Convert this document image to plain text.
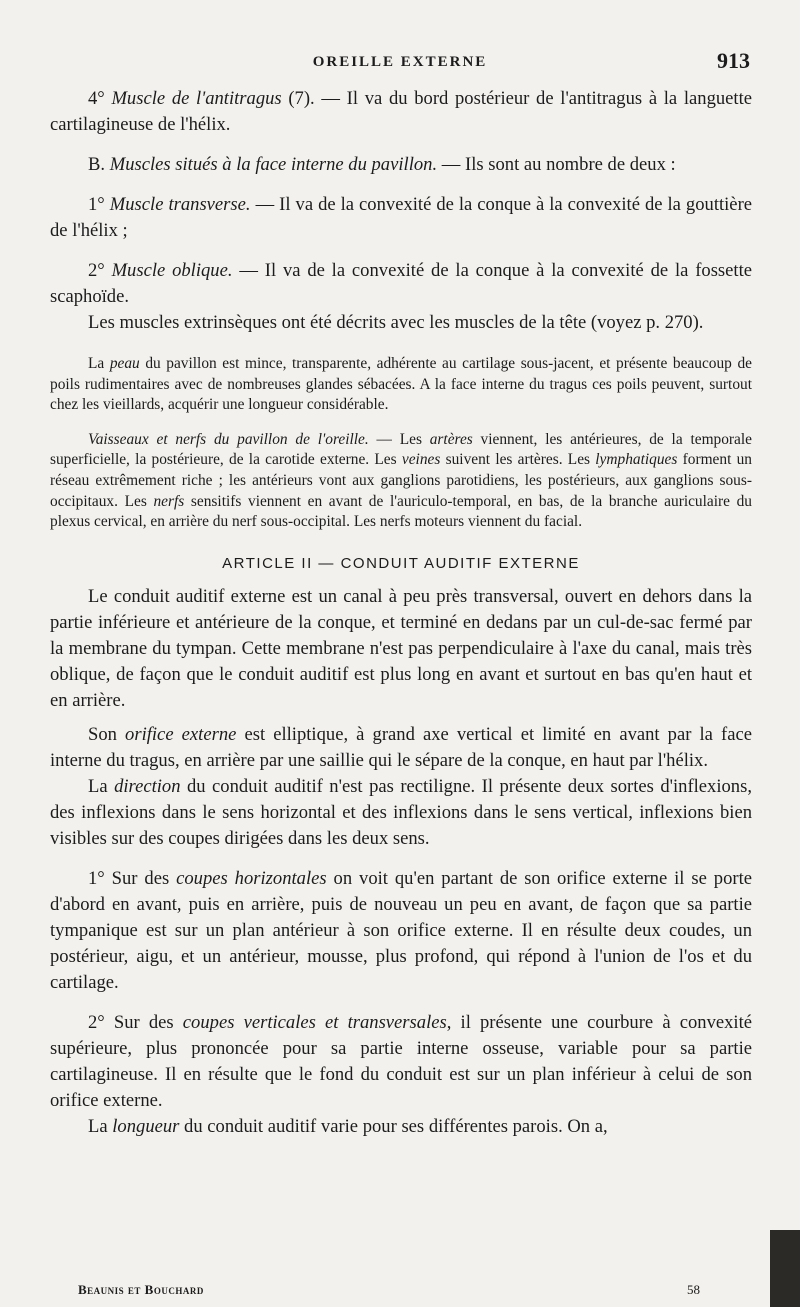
OREILLE EXTERNE	913

4° Muscle de l'antitragus (7). — Il va du bord postérieur de l'antitragus à la languette cartilagineuse de l'hélix.

B. Muscles situés à la face interne du pavillon. — Ils sont au nombre de deux :

1° Muscle transverse. — Il va de la convexité de la conque à la convexité de la gouttière de l'hélix ;

2° Muscle oblique. — Il va de la convexité de la conque à la convexité de la fossette scaphoïde.

Les muscles extrinsèques ont été décrits avec les muscles de la tête (voyez p. 270).

La peau du pavillon est mince, transparente, adhérente au cartilage sous-jacent, et présente beaucoup de poils rudimentaires avec de nombreuses glandes sébacées. A la face interne du tragus ces poils peuvent, surtout chez les vieillards, acquérir une longueur considérable.

Vaisseaux et nerfs du pavillon de l'oreille. — Les artères viennent, les antérieures, de la temporale superficielle, la postérieure, de la carotide externe. Les veines suivent les artères. Les lymphatiques forment un réseau extrêmement riche ; les antérieurs vont aux ganglions parotidiens, les postérieurs, aux ganglions sous-occipitaux. Les nerfs sensitifs viennent en avant de l'auriculo-temporal, en bas, de la branche auriculaire du plexus cervical, en arrière du nerf sous-occipital. Les nerfs moteurs viennent du facial.

ARTICLE II — CONDUIT AUDITIF EXTERNE

Le conduit auditif externe est un canal à peu près transversal, ouvert en dehors dans la partie inférieure et antérieure de la conque, et terminé en dedans par un cul-de-sac fermé par la membrane du tympan. Cette membrane n'est pas perpendiculaire à l'axe du canal, mais très oblique, de façon que le conduit auditif est plus long en avant et surtout en bas qu'en haut et en arrière.

Son orifice externe est elliptique, à grand axe vertical et limité en avant par la face interne du tragus, en arrière par une saillie qui le sépare de la conque, en haut par l'hélix.

La direction du conduit auditif n'est pas rectiligne. Il présente deux sortes d'inflexions, des inflexions dans le sens horizontal et des inflexions dans le sens vertical, inflexions bien visibles sur des coupes dirigées dans les deux sens.

1° Sur des coupes horizontales on voit qu'en partant de son orifice externe il se porte d'abord en avant, puis en arrière, puis de nouveau un peu en avant, de façon que sa partie tympanique est sur un plan antérieur à son orifice externe. Il en résulte deux coudes, un postérieur, aigu, et un antérieur, mousse, plus profond, qui répond à l'union de l'os et du cartilage.

2° Sur des coupes verticales et transversales, il présente une courbure à convexité supérieure, plus prononcée pour sa partie interne osseuse, variable pour sa partie cartilagineuse. Il en résulte que le fond du conduit est sur un plan inférieur à celui de son orifice externe.

La longueur du conduit auditif varie pour ses différentes parois. On a,

Beaunis et Bouchard	58
